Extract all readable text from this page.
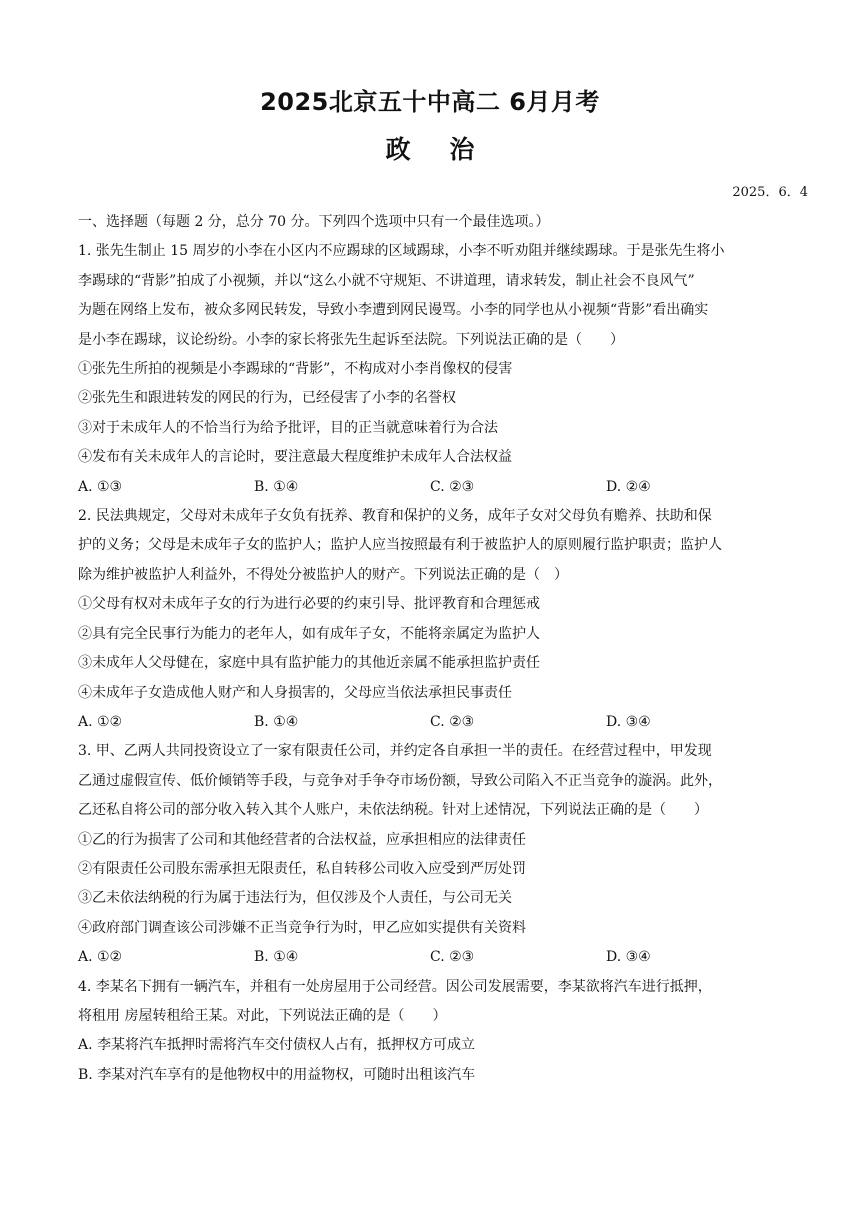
2025北京五十中高二 6月月考
政 治
2025．6．4
一、选择题（每题 2 分，总分 70 分。下列四个选项中只有一个最佳选项。）
1. 张先生制止 15 周岁的小李在小区内不应踢球的区域踢球，小李不听劝阻并继续踢球。于是张先生将小
李踢球的“背影”拍成了小视频，并以“这么小就不守规矩、不讲道理，请求转发，制止社会不良风气”
为题在网络上发布，被众多网民转发，导致小李遭到网民谩骂。小李的同学也从小视频“背影”看出确实
是小李在踢球，议论纷纷。小李的家长将张先生起诉至法院。下列说法正确的是（　　）
①张先生所拍的视频是小李踢球的“背影”，不构成对小李肖像权的侵害
②张先生和跟进转发的网民的行为，已经侵害了小李的名誉权
③对于未成年人的不恰当行为给予批评，目的正当就意味着行为合法
④发布有关未成年人的言论时，要注意最大程度维护未成年人合法权益
A. ①③	B. ①④	C. ②③	D. ②④
2. 民法典规定，父母对未成年子女负有抚养、教育和保护的义务，成年子女对父母负有赡养、扶助和保
护的义务；父母是未成年子女的监护人；监护人应当按照最有利于被监护人的原则履行监护职责；监护人
除为维护被监护人利益外，不得处分被监护人的财产。下列说法正确的是（　）
①父母有权对未成年子女的行为进行必要的约束引导、批评教育和合理惩戒
②具有完全民事行为能力的老年人，如有成年子女，不能将亲属定为监护人
③未成年人父母健在，家庭中具有监护能力的其他近亲属不能承担监护责任
④未成年子女造成他人财产和人身损害的，父母应当依法承担民事责任
A. ①②	B. ①④	C. ②③	D. ③④
3. 甲、乙两人共同投资设立了一家有限责任公司，并约定各自承担一半的责任。在经营过程中，甲发现
乙通过虚假宣传、低价倾销等手段，与竞争对手争夺市场份额，导致公司陷入不正当竞争的漩涡。此外，
乙还私自将公司的部分收入转入其个人账户，未依法纳税。针对上述情况，下列说法正确的是（　　）
①乙的行为损害了公司和其他经营者的合法权益，应承担相应的法律责任
②有限责任公司股东需承担无限责任，私自转移公司收入应受到严厉处罚
③乙未依法纳税的行为属于违法行为，但仅涉及个人责任，与公司无关
④政府部门调查该公司涉嫌不正当竞争行为时，甲乙应如实提供有关资料
A. ①②	B. ①④	C. ②③	D. ③④
4. 李某名下拥有一辆汽车，并租有一处房屋用于公司经营。因公司发展需要，李某欲将汽车进行抵押，
将租用 房屋转租给王某。对此，下列说法正确的是（　　）
A. 李某将汽车抵押时需将汽车交付债权人占有，抵押权方可成立
B. 李某对汽车享有的是他物权中的用益物权，可随时出租该汽车
